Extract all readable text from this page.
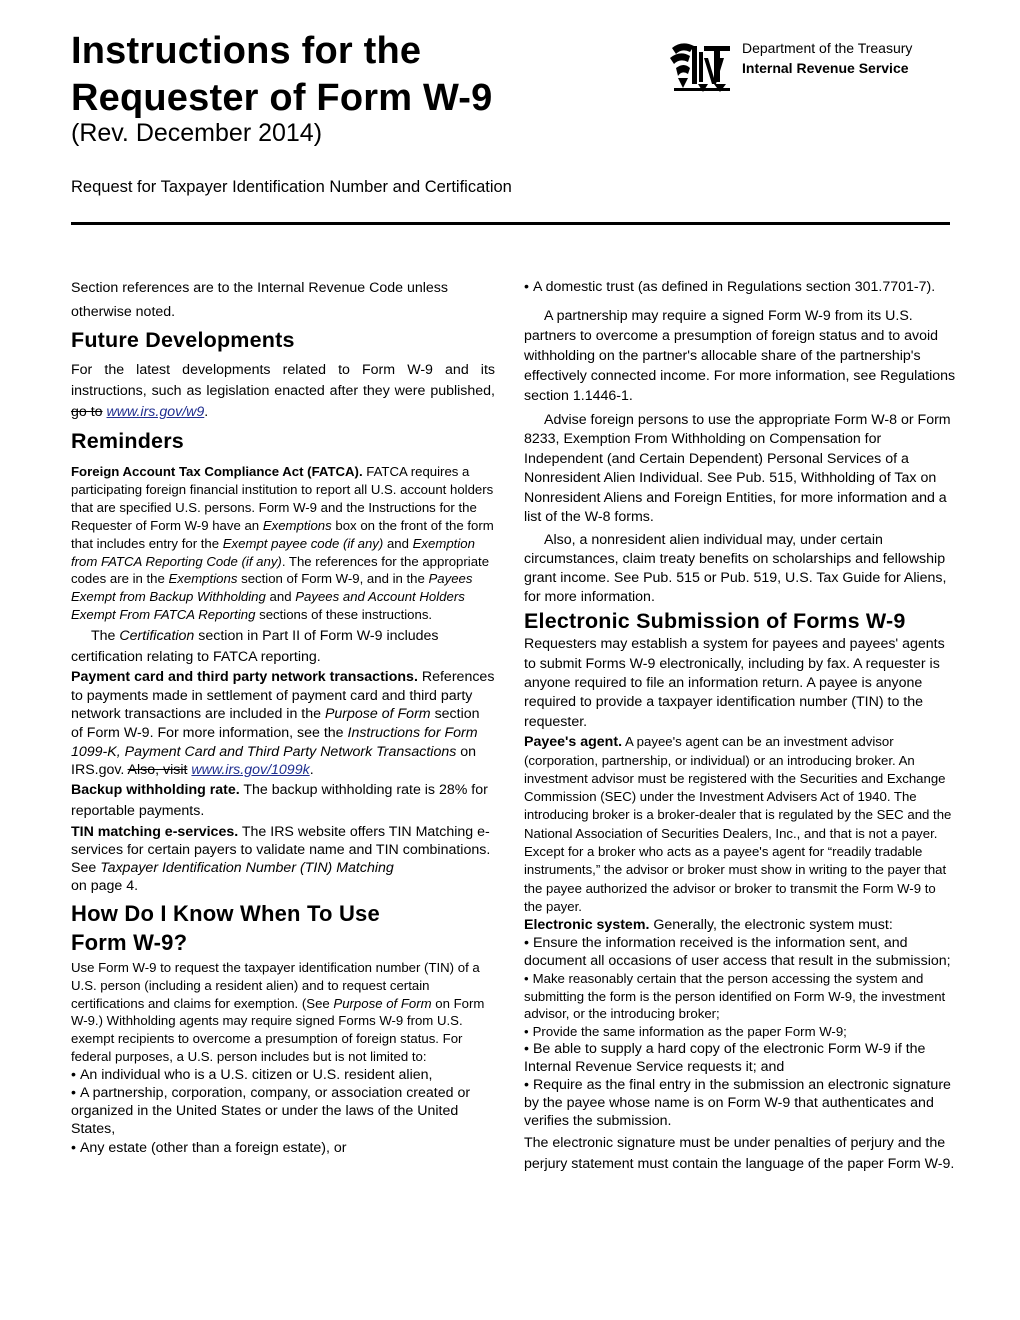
Instructions for the
Requester of Form W-9
(Rev. December 2014)
Request for Taxpayer Identification Number and Certification
Department of the Treasury
Internal Revenue Service

Section references are to the Internal Revenue Code unless otherwise noted.

Future Developments

For the latest developments related to Form W-9 and its instructions, such as legislation enacted after they were published, go to www.irs.gov/w9.

Reminders

Foreign Account Tax Compliance Act (FATCA). FATCA requires a participating foreign financial institution to report all U.S. account holders that are specified U.S. persons. Form W-9 and the Instructions for the Requester of Form W-9 have an Exemptions box on the front of the form that includes entry for the Exempt payee code (if any) and Exemption from FATCA Reporting Code (if any). The references for the appropriate codes are in the Exemptions section of Form W-9, and in the Payees Exempt from Backup Withholding and Payees and Account Holders Exempt From FATCA Reporting sections of these instructions.

The Certification section in Part II of Form W-9 includes certification relating to FATCA reporting.

Payment card and third party network transactions. References to payments made in settlement of payment card and third party network transactions are included in the Purpose of Form section of Form W-9. For more information, see the Instructions for Form 1099-K, Payment Card and Third Party Network Transactions on IRS.gov. Also, visit www.irs.gov/1099k.

Backup withholding rate. The backup withholding rate is 28% for reportable payments.

TIN matching e-services. The IRS website offers TIN Matching e-services for certain payers to validate name and TIN combinations. See Taxpayer Identification Number (TIN) Matching
on page 4.

How Do I Know When To Use
Form W-9?

Use Form W-9 to request the taxpayer identification number (TIN) of a U.S. person (including a resident alien) and to request certain certifications and claims for exemption. (See Purpose of Form on Form W-9.) Withholding agents may require signed Forms W-9 from U.S. exempt recipients to overcome a presumption of foreign status. For federal purposes, a U.S. person includes but is not limited to:

• An individual who is a U.S. citizen or U.S. resident alien,

• A partnership, corporation, company, or association created or organized in the United States or under the laws of the United States,

• Any estate (other than a foreign estate), or

• A domestic trust (as defined in Regulations section 301.7701-7).

A partnership may require a signed Form W-9 from its U.S. partners to overcome a presumption of foreign status and to avoid withholding on the partner's allocable share of the partnership's effectively connected income. For more information, see Regulations section 1.1446-1.

Advise foreign persons to use the appropriate Form W-8 or Form 8233, Exemption From Withholding on Compensation for Independent (and Certain Dependent) Personal Services of a Nonresident Alien Individual. See Pub. 515, Withholding of Tax on Nonresident Aliens and Foreign Entities, for more information and a list of the W-8 forms.

Also, a nonresident alien individual may, under certain circumstances, claim treaty benefits on scholarships and fellowship grant income. See Pub. 515 or Pub. 519, U.S. Tax Guide for Aliens, for more information.

Electronic Submission of Forms W-9

Requesters may establish a system for payees and payees' agents to submit Forms W-9 electronically, including by fax. A requester is anyone required to file an information return. A payee is anyone required to provide a taxpayer identification number (TIN) to the requester.

Payee's agent. A payee's agent can be an investment advisor (corporation, partnership, or individual) or an introducing broker. An investment advisor must be registered with the Securities and Exchange Commission (SEC) under the Investment Advisers Act of 1940. The introducing broker is a broker-dealer that is regulated by the SEC and the National Association of Securities Dealers, Inc., and that is not a payer. Except for a broker who acts as a payee's agent for “readily tradable instruments,” the advisor or broker must show in writing to the payer that the payee authorized the advisor or broker to transmit the Form W-9 to the payer.

Electronic system. Generally, the electronic system must:

• Ensure the information received is the information sent, and document all occasions of user access that result in the submission;

• Make reasonably certain that the person accessing the system and submitting the form is the person identified on Form W-9, the investment advisor, or the introducing broker;

• Provide the same information as the paper Form W-9;

• Be able to supply a hard copy of the electronic Form W-9 if the Internal Revenue Service requests it; and

• Require as the final entry in the submission an electronic signature by the payee whose name is on Form W-9 that authenticates and verifies the submission.

The electronic signature must be under penalties of perjury and the perjury statement must contain the language of the paper Form W-9.
